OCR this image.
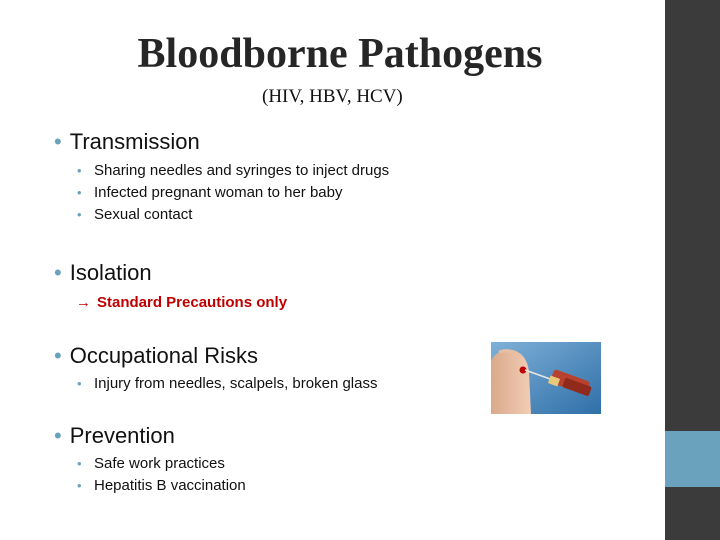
Bloodborne Pathogens
(HIV, HBV, HCV)
• Transmission
• Sharing needles and syringes to inject drugs
• Infected pregnant woman to her baby
• Sexual contact
• Isolation
→ Standard Precautions only
• Occupational Risks
• Injury from needles, scalpels, broken glass
• Prevention
• Safe work practices
• Hepatitis B vaccination
